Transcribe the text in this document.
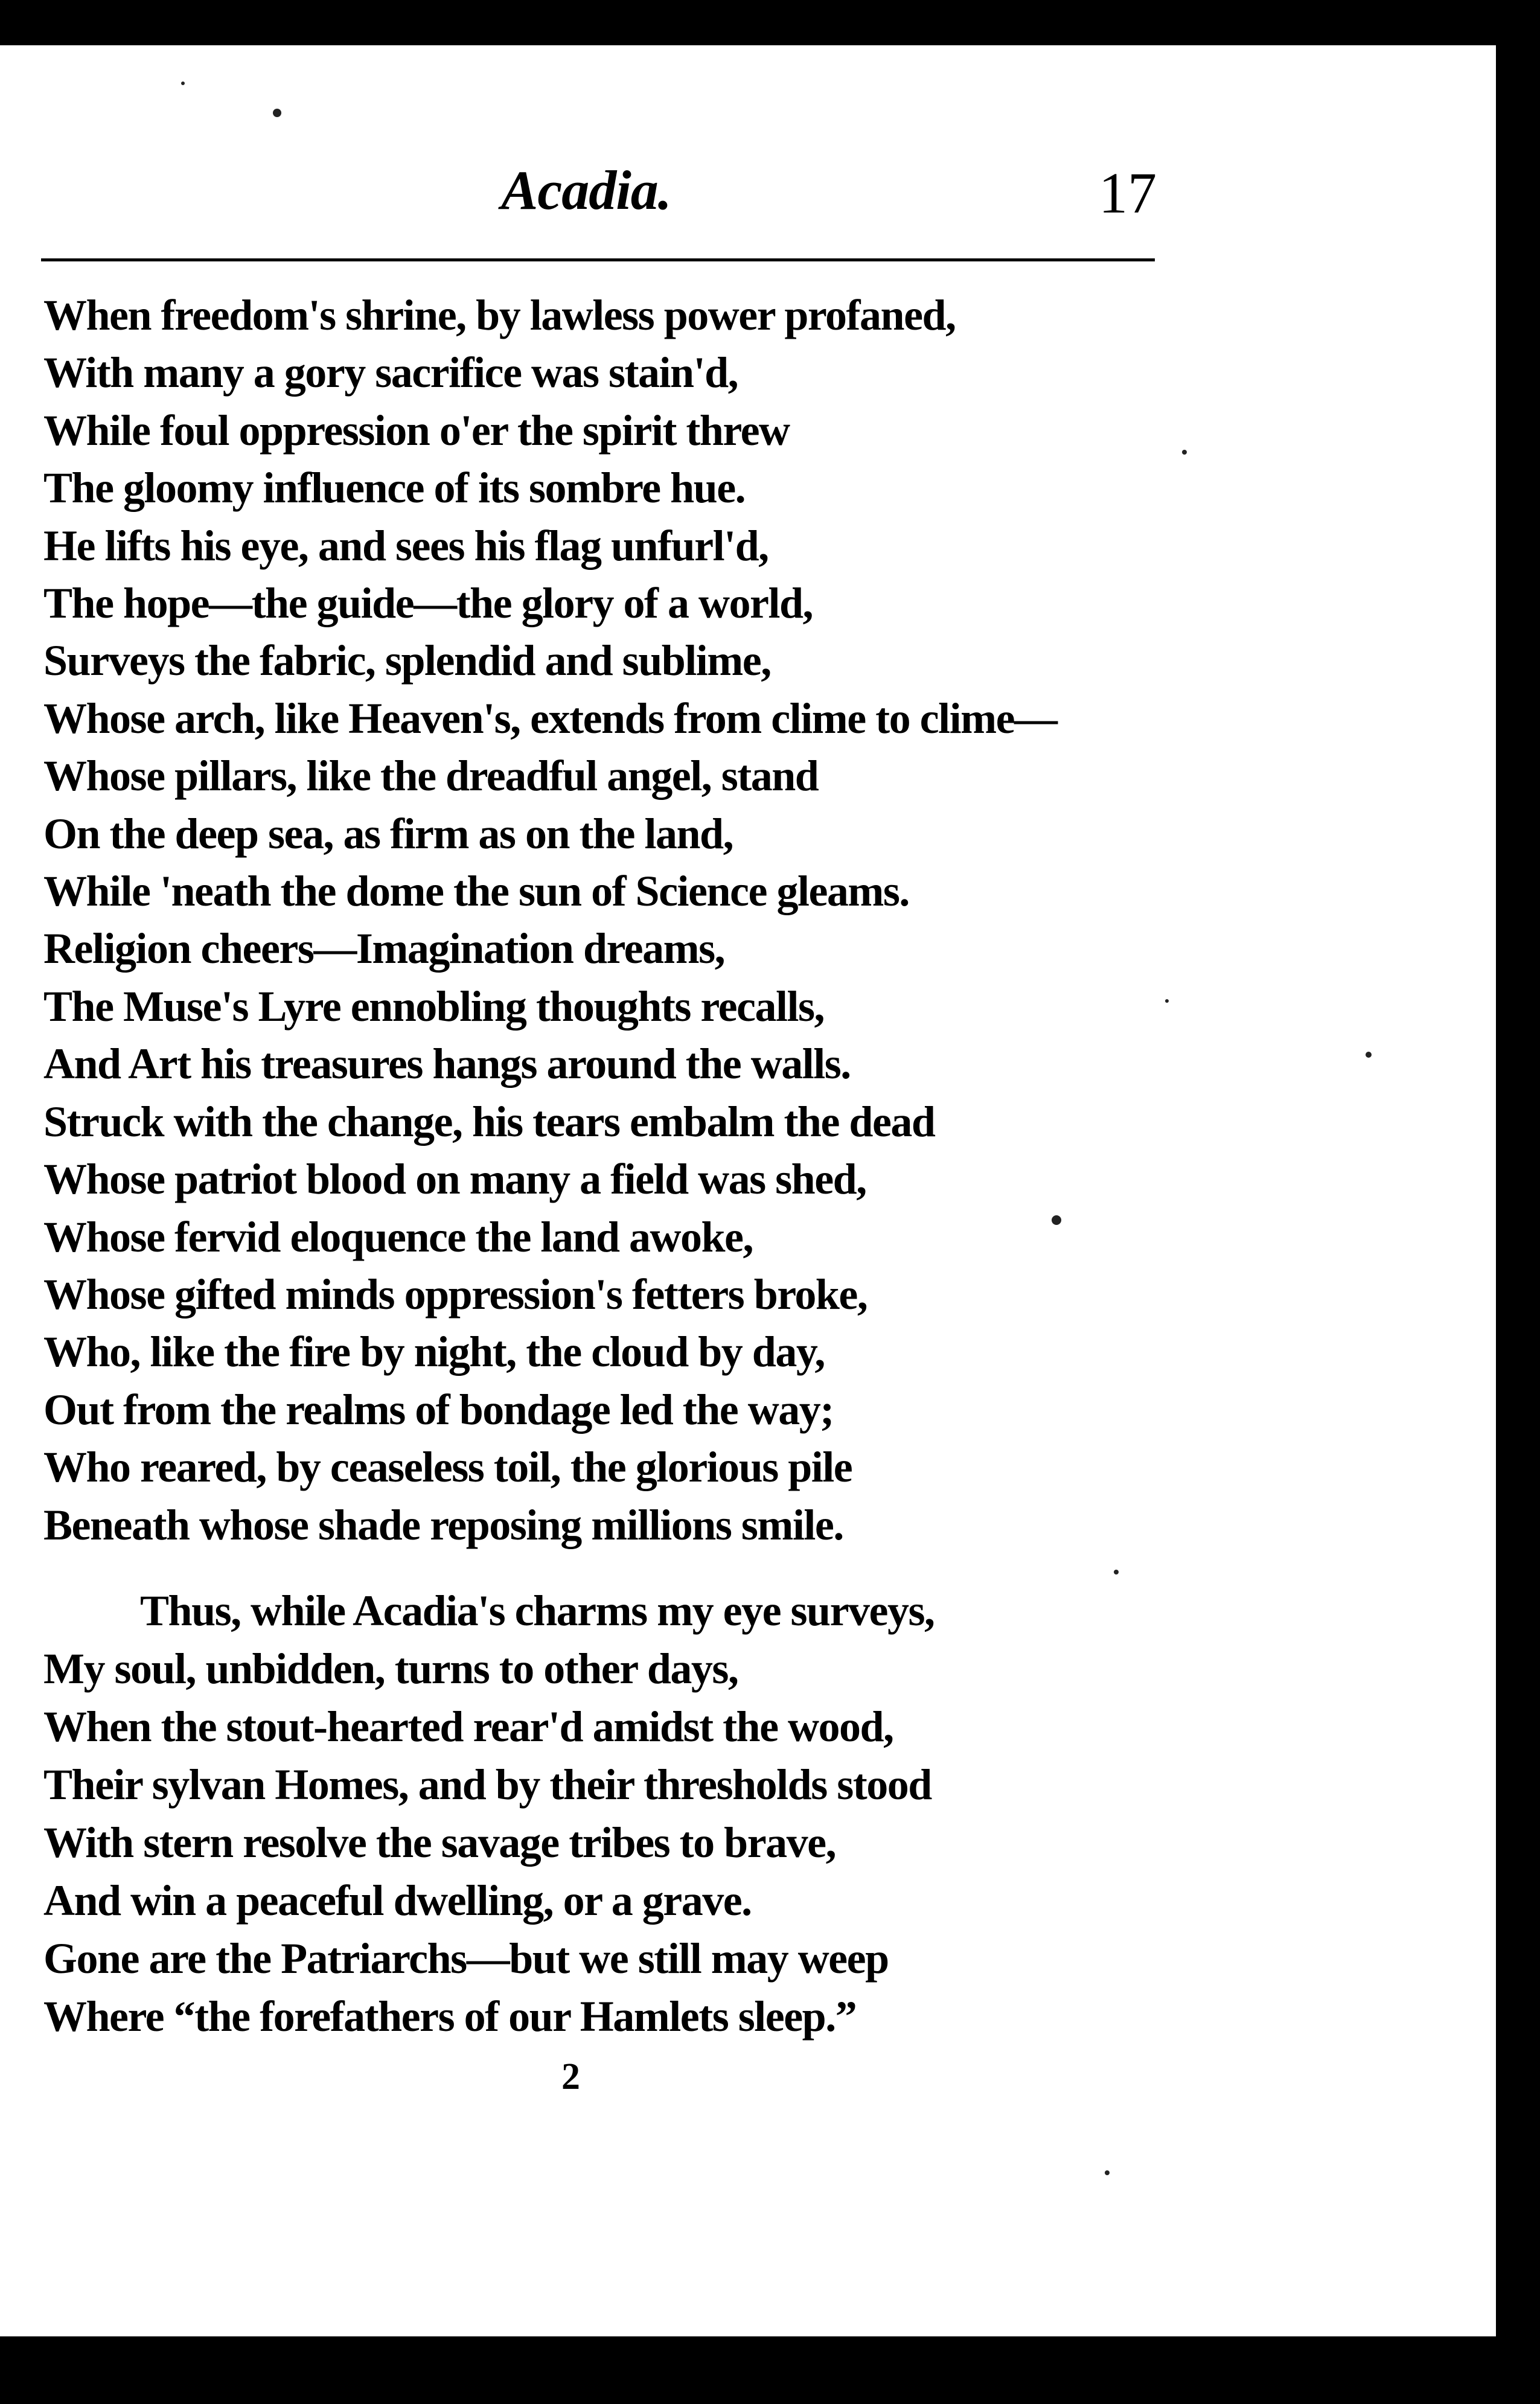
Acadia.	17
When freedom's shrine, by lawless power profaned,
With many a gory sacrifice was stain'd,
While foul oppression o'er the spirit threw
The gloomy influence of its sombre hue.
He lifts his eye, and sees his flag unfurl'd,
The hope—the guide—the glory of a world,
Surveys the fabric, splendid and sublime,
Whose arch, like Heaven's, extends from clime to clime—
Whose pillars, like the dreadful angel, stand
On the deep sea, as firm as on the land,
While 'neath the dome the sun of Science gleams.
Religion cheers—Imagination dreams,
The Muse's Lyre ennobling thoughts recalls,
And Art his treasures hangs around the walls.
Struck with the change, his tears embalm the dead
Whose patriot blood on many a field was shed,
Whose fervid eloquence the land awoke,
Whose gifted minds oppression's fetters broke,
Who, like the fire by night, the cloud by day,
Out from the realms of bondage led the way;
Who reared, by ceaseless toil, the glorious pile
Beneath whose shade reposing millions smile.
Thus, while Acadia's charms my eye surveys,
My soul, unbidden, turns to other days,
When the stout-hearted rear'd amidst the wood,
Their sylvan Homes, and by their thresholds stood
With stern resolve the savage tribes to brave,
And win a peaceful dwelling, or a grave.
Gone are the Patriarchs—but we still may weep
Where “the forefathers of our Hamlets sleep.”
2
